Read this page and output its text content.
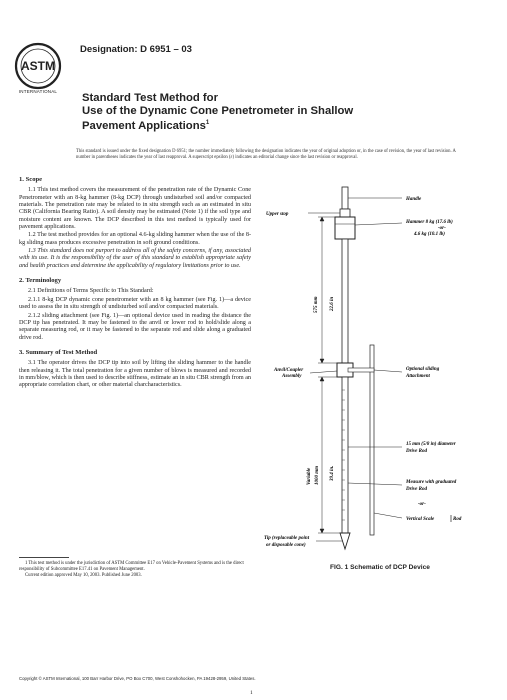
ASTM
INTERNATIONAL
Designation: D 6951 – 03
Standard Test Method for
Use of the Dynamic Cone Penetrometer in Shallow
Pavement Applications$^1$
This standard is issued under the fixed designation D 6951; the number immediately following the designation indicates the year of original adoption or, in the case of revision, the year of last revision. A number in parentheses indicates the year of last reapproval. A superscript epsilon (ε) indicates an editorial change since the last revision or reapproval.
1. Scope

1.1 This test method covers the measurement of the penetration rate of the Dynamic Cone Penetrometer with an 8-kg hammer (8-kg DCP) through undisturbed soil and/or compacted materials. The penetration rate may be related to in situ strength such as an estimated in situ CBR (California Bearing Ratio). A soil density may be estimated (Note 1) if the soil type and moisture content are known. The DCP described in this test method is typically used for pavement applications.

1.2 The test method provides for an optional 4.6-kg sliding hammer when the use of the 8-kg sliding mass produces excessive penetration in soft ground conditions.

1.3 This standard does not purport to address all of the safety concerns, if any, associated with its use. It is the responsibility of the user of this standard to establish appropriate safety and health practices and determine the applicability of regulatory limitations prior to use.

2. Terminology

2.1 Definitions of Terms Specific to This Standard:

2.1.1 8-kg DCP dynamic cone penetrometer with an 8 kg hammer (see Fig. 1)—a device used to assess the in situ strength of undisturbed soil and/or compacted materials.

2.1.2 sliding attachment (see Fig. 1)—an optional device used in reading the distance the DCP tip has penetrated. It may be fastened to the anvil or lower rod to hold/slide along a separate measuring rod, or it may be fastened to the separate rod and slide along a graduated drive rod.

3. Summary of Test Method

3.1 The operator drives the DCP tip into soil by lifting the sliding hammer to the handle then releasing it. The total penetration for a given number of blows is measured and recorded in mm/blow, which is then used to describe stiffness, estimate an in situ CBR strength from an appropriate correlation chart, or other material charcharacteristics.

1 This test method is under the jurisdiction of ASTM Committee E17 on Vehicle-Pavement Systems and is the direct responsibility of Subcommittee E17.41 on Pavement Management.

Current edition approved May 10, 2003. Published June 2003.

Handle
Upper stop
Hammer 8 kg (17.6 lb)
-or-
4.6 kg (10.1 lb)
575 mm 22.6 in
Anvil/Coupler
Assembly
Optional sliding
Attachment
Variable 1000 mm 39.4 in.
15 mm (5/8 in) diameter
Drive Rod
Measure with graduated
Drive Rod
-or-
Vertical Scale	Rod
Tip (replaceable point
or disposable cone)
FIG. 1 Schematic of DCP Device
Copyright © ASTM International, 100 Barr Harbor Drive, PO Box C700, West Conshohocken, PA 19428-2959, United States.
1
